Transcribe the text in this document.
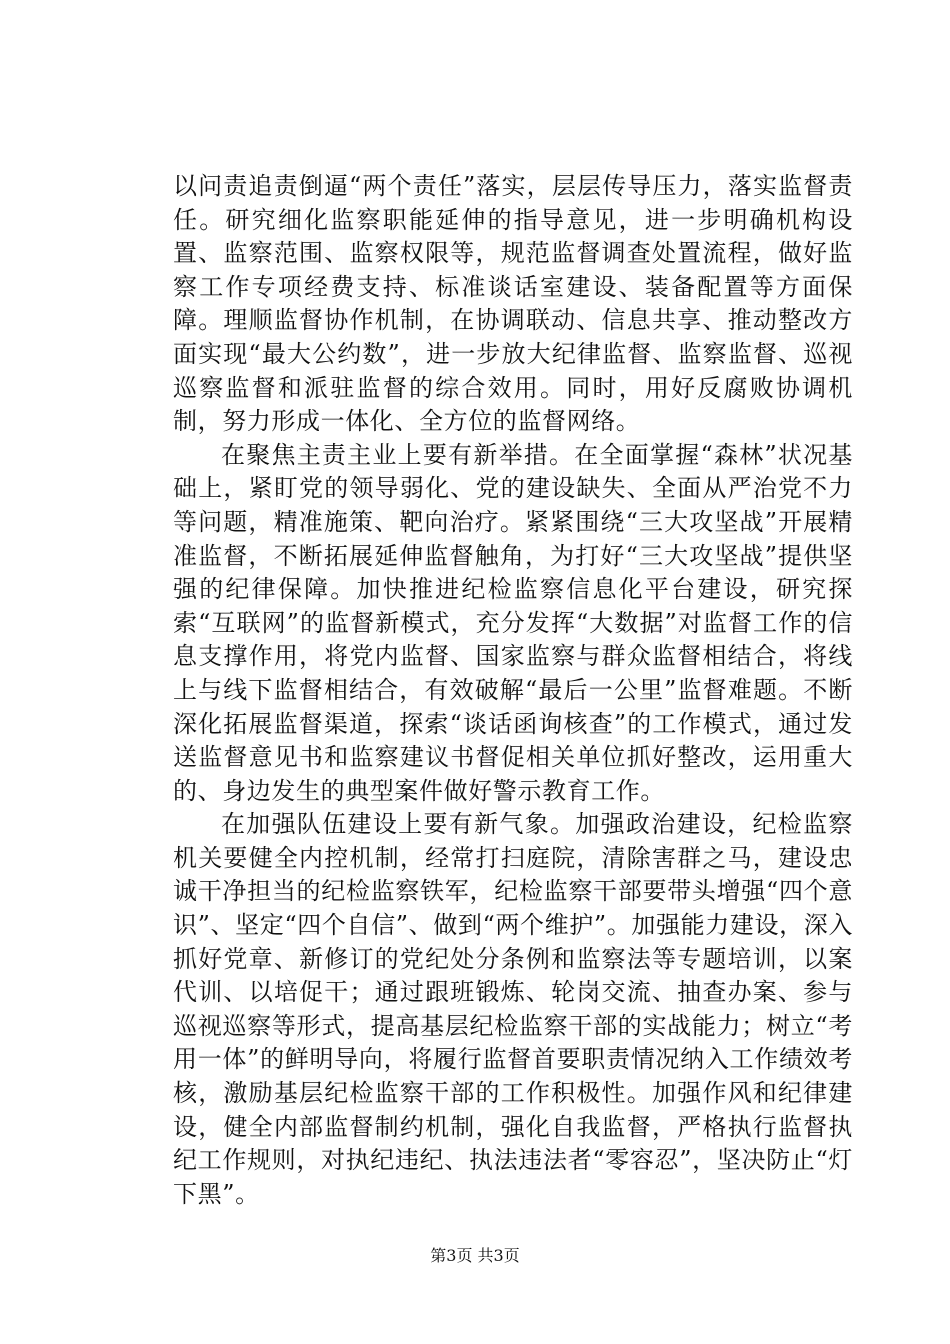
以问责追责倒逼“两个责任”落实，层层传导压力，落实监督责任。研究细化监察职能延伸的指导意见，进一步明确机构设置、监察范围、监察权限等，规范监督调查处置流程，做好监察工作专项经费支持、标准谈话室建设、装备配置等方面保障。理顺监督协作机制，在协调联动、信息共享、推动整改方面实现“最大公约数”，进一步放大纪律监督、监察监督、巡视巡察监督和派驻监督的综合效用。同时，用好反腐败协调机制，努力形成一体化、全方位的监督网络。

在聚焦主责主业上要有新举措。在全面掌握“森林”状况基础上，紧盯党的领导弱化、党的建设缺失、全面从严治党不力等问题，精准施策、靶向治疗。紧紧围绕“三大攻坚战”开展精准监督，不断拓展延伸监督触角，为打好“三大攻坚战”提供坚强的纪律保障。加快推进纪检监察信息化平台建设，研究探索“互联网”的监督新模式，充分发挥“大数据”对监督工作的信息支撑作用，将党内监督、国家监察与群众监督相结合，将线上与线下监督相结合，有效破解“最后一公里”监督难题。不断深化拓展监督渠道，探索“谈话函询核查”的工作模式，通过发送监督意见书和监察建议书督促相关单位抓好整改，运用重大的、身边发生的典型案件做好警示教育工作。

在加强队伍建设上要有新气象。加强政治建设，纪检监察机关要健全内控机制，经常打扫庭院，清除害群之马，建设忠诚干净担当的纪检监察铁军，纪检监察干部要带头增强“四个意识”、坚定“四个自信”、做到“两个维护”。加强能力建设，深入抓好党章、新修订的党纪处分条例和监察法等专题培训，以案代训、以培促干；通过跟班锻炼、轮岗交流、抽查办案、参与巡视巡察等形式，提高基层纪检监察干部的实战能力；树立“考用一体”的鲜明导向，将履行监督首要职责情况纳入工作绩效考核，激励基层纪检监察干部的工作积极性。加强作风和纪律建设，健全内部监督制约机制，强化自我监督，严格执行监督执纪工作规则，对执纪违纪、执法违法者“零容忍”，坚决防止“灯下黑”。

第3页 共3页
